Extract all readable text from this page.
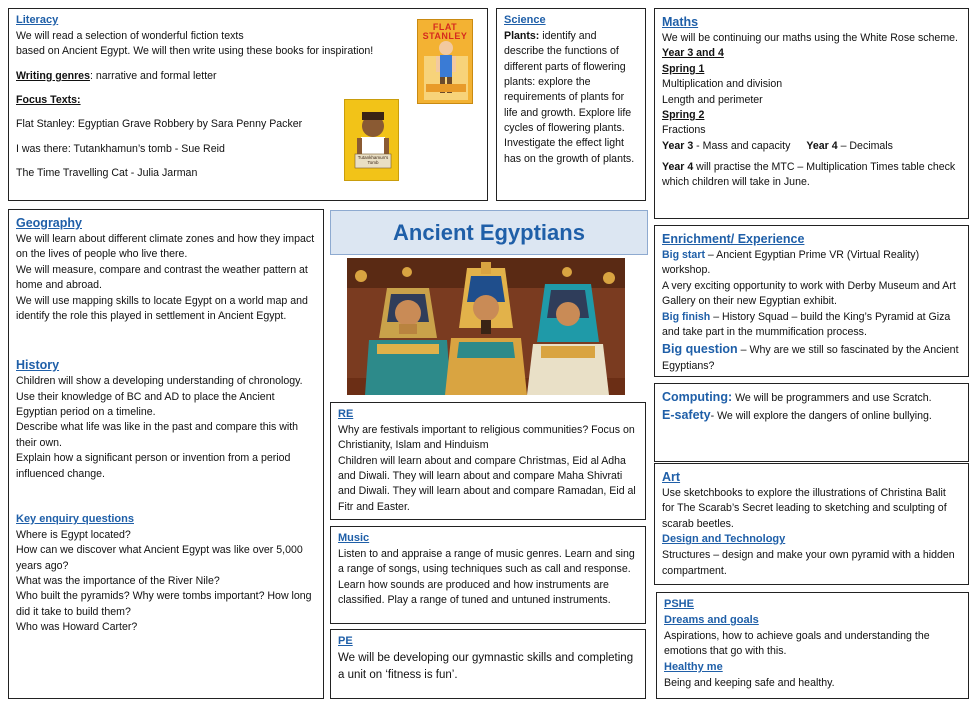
Literacy

We will read a selection of wonderful fiction texts

based on Ancient Egypt. We will then write using these books for inspiration!

Writing genres: narrative and formal letter

Focus Texts:

Flat Stanley: Egyptian Grave Robbery by Sara Penny Packer

I was there: Tutankhamun’s tomb - Sue Reid

The Time Travelling Cat - Julia Jarman

FLAT STANLEY
Tutankhamun's Tomb
Science

Plants: identify and describe the functions of different parts of flowering plants: explore the requirements of plants for life and growth. Explore life cycles of flowering plants.

Investigate the effect light has on the growth of plants.

Maths

We will be continuing our maths using the White Rose scheme.

Year 3 and 4

Spring 1

Multiplication and division

Length and perimeter

Spring 2

Fractions

Year 3 - Mass and capacity Year 4 – Decimals

Year 4 will practise the MTC – Multiplication Times table check which children will take in June.

Geography

We will learn about different climate zones and how they impact on the lives of people who live there.

We will measure, compare and contrast the weather pattern at home and abroad.

We will use mapping skills to locate Egypt on a world map and identify the role this played in settlement in Ancient Egypt.

History

Children will show a developing understanding of chronology.

Use their knowledge of BC and AD to place the Ancient Egyptian period on a timeline.

Describe what life was like in the past and compare this with their own.

Explain how a significant person or invention from a period influenced change.

Key enquiry questions

Where is Egypt located?

How can we discover what Ancient Egypt was like over 5,000 years ago?

What was the importance of the River Nile?

Who built the pyramids? Why were tombs important? How long did it take to build them?

Who was Howard Carter?

Ancient Egyptians	Enrichment/ Experience

Big start – Ancient Egyptian Prime VR (Virtual Reality) workshop.

A very exciting opportunity to work with Derby Museum and Art Gallery on their new Egyptian exhibit.

Big finish – History Squad – build the King’s Pyramid at Giza and take part in the mummification process.

Big question – Why are we still so fascinated by the Ancient Egyptians?

RE

Why are festivals important to religious communities? Focus on Christianity, Islam and Hinduism

Children will learn about and compare Christmas, Eid al Adha and Diwali. They will learn about and compare Maha Shivrati and Diwali. They will learn about and compare Ramadan, Eid al Fitr and Easter.

Computing: We will be programmers and use Scratch.

E-safety- We will explore the dangers of online bullying.

Art

Use sketchbooks to explore the illustrations of Christina Balit for The Scarab’s Secret leading to sketching and sculpting of scarab beetles.

Design and Technology

Structures – design and make your own pyramid with a hidden compartment.

Music

Listen to and appraise a range of music genres. Learn and sing a range of songs, using techniques such as call and response. Learn how sounds are produced and how instruments are classified. Play a range of tuned and untuned instruments.

PE

We will be developing our gymnastic skills and completing a unit on ‘fitness is fun’.

PSHE
Dreams and goals

Aspirations, how to achieve goals and understanding the emotions that go with this.

Healthy me

Being and keeping safe and healthy.
